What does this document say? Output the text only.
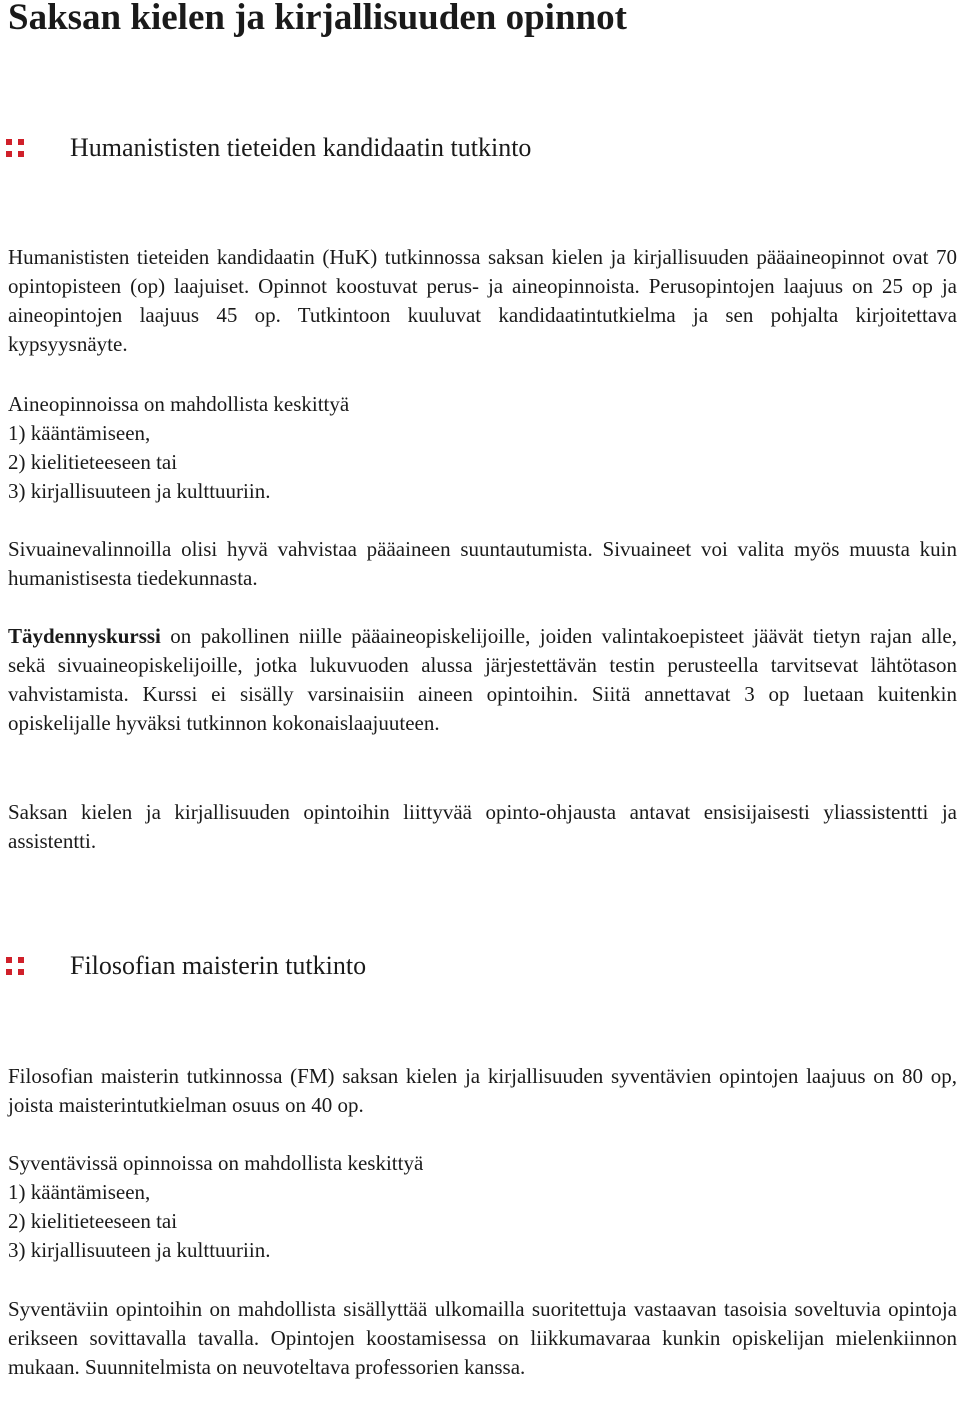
Saksan kielen ja kirjallisuuden opinnot
Humanististen tieteiden kandidaatin tutkinto

Humanististen tieteiden kandidaatin (HuK) tutkinnossa saksan kielen ja kirjallisuuden pääaineopinnot ovat 70 opintopisteen (op) laajuiset. Opinnot koostuvat perus- ja aineopinnoista. Perusopintojen laajuus on 25 op ja aineopintojen laajuus 45 op. Tutkintoon kuuluvat kandidaatintutkielma ja sen pohjalta kirjoitettava kypsyysnäyte.

Aineopinnoissa on mahdollista keskittyä
1) kääntämiseen,
2) kielitieteeseen tai
3) kirjallisuuteen ja kulttuuriin.

Sivuainevalinnoilla olisi hyvä vahvistaa pääaineen suuntautumista. Sivuaineet voi valita myös muusta kuin humanistisesta tiedekunnasta.

Täydennyskurssi on pakollinen niille pääaineopiskelijoille, joiden valintakoepisteet jäävät tietyn rajan alle, sekä sivuaineopiskelijoille, jotka lukuvuoden alussa järjestettävän testin perusteella tarvitsevat lähtötason vahvistamista. Kurssi ei sisälly varsinaisiin aineen opintoihin. Siitä annettavat 3 op luetaan kuitenkin opiskelijalle hyväksi tutkinnon kokonaislaajuuteen.

Saksan kielen ja kirjallisuuden opintoihin liittyvää opinto-ohjausta antavat ensisijaisesti yliassistentti ja assistentti.

Filosofian maisterin tutkinto

Filosofian maisterin tutkinnossa (FM) saksan kielen ja kirjallisuuden syventävien opintojen laajuus on 80 op, joista maisterintutkielman osuus on 40 op.

Syventävissä opinnoissa on mahdollista keskittyä
1) kääntämiseen,
2) kielitieteeseen tai
3) kirjallisuuteen ja kulttuuriin.

Syventäviin opintoihin on mahdollista sisällyttää ulkomailla suoritettuja vastaavan tasoisia soveltuvia opintoja erikseen sovittavalla tavalla. Opintojen koostamisessa on liikkumavaraa kunkin opiskelijan mielenkiinnon mukaan. Suunnitelmista on neuvoteltava professorien kanssa.
